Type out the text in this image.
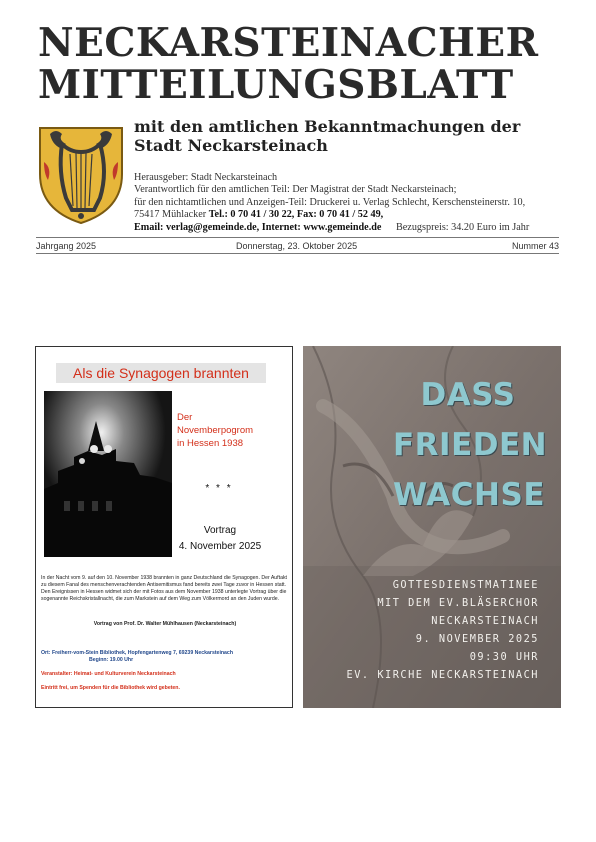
NECKARSTEINACHER
MITTEILUNGSBLATT
mit den amtlichen Bekanntmachungen der
Stadt Neckarsteinach
Herausgeber: Stadt Neckarsteinach
Verantwortlich für den amtlichen Teil: Der Magistrat der Stadt Neckarsteinach;
für den nichtamtlichen und Anzeigen-Teil: Druckerei u. Verlag Schlecht, Kerschensteinerstr. 10,
75417 Mühlacker Tel.: 0 70 41 / 30 22, Fax: 0 70 41 / 52 49,
Email: verlag@gemeinde.de, Internet: www.gemeinde.de Bezugspreis: 34.20 Euro im Jahr
Jahrgang 2025	Donnerstag, 23. Oktober 2025	Nummer 43
Als die Synagogen brannten
Der
Novemberpogrom
in Hessen 1938
* * *
Vortrag
4. November 2025
In der Nacht vom 9. auf den 10. November 1938 brannten in ganz Deutschland die Synagogen. Der Auftakt zu diesem Fanal des menschenverachtenden Antisemitismus fand bereits zwei Tage zuvor in Hessen statt. Den Ereignissen in Hessen widmet sich der mit Fotos aus dem November 1938 unterlegte Vortrag über die sogenannte Reichskristallnacht, die zum Markstein auf dem Weg zum Völkermord an den Juden wurde.
Vortrag von Prof. Dr. Walter Mühlhausen (Neckarsteinach)
Ort: Freiherr-vom-Stein Bibliothek, Hopfengartenweg 7, 69239 Neckarsteinach
Beginn: 19.00 Uhr
Veranstalter: Heimat- und Kulturverein Neckarsteinach
Eintritt frei, um Spenden für die Bibliothek wird gebeten.
DASS
FRIEDEN
WACHSE
GOTTESDIENSTMATINEE
MIT DEM EV.BLÄSERCHOR
NECKARSTEINACH
9. NOVEMBER 2025
09:30 UHR
EV. KIRCHE NECKARSTEINACH
